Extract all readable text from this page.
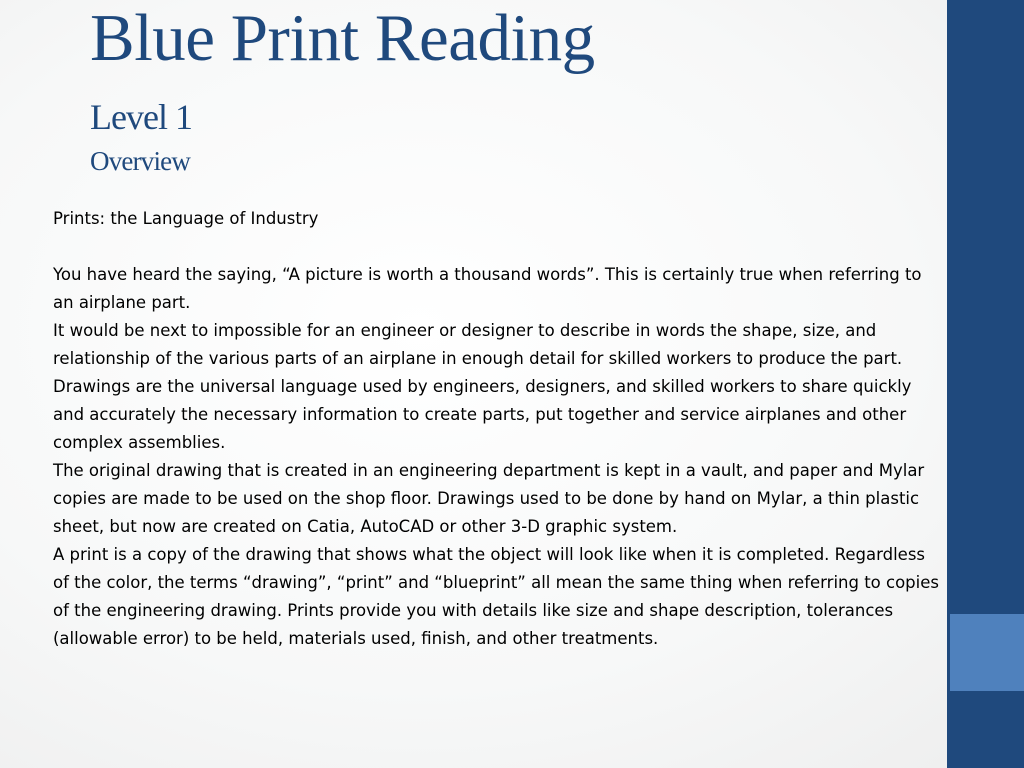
Blue Print Reading
Level 1
Overview

Prints: the Language of Industry

You have heard the saying, “A picture is worth a thousand words”. This is certainly true when referring to an airplane part.

It would be next to impossible for an engineer or designer to describe in words the shape, size, and relationship of the various parts of an airplane in enough detail for skilled workers to produce the part. Drawings are the universal language used by engineers, designers, and skilled workers to share quickly and accurately the necessary information to create parts, put together and service airplanes and other complex assemblies.

The original drawing that is created in an engineering department is kept in a vault, and paper and Mylar copies are made to be used on the shop floor. Drawings used to be done by hand on Mylar, a thin plastic sheet, but now are created on Catia, AutoCAD or other 3-D graphic system.

A print is a copy of the drawing that shows what the object will look like when it is completed. Regardless of the color, the terms “drawing”, “print” and “blueprint” all mean the same thing when referring to copies of the engineering drawing. Prints provide you with details like size and shape description, tolerances (allowable error) to be held, materials used, finish, and other treatments.
